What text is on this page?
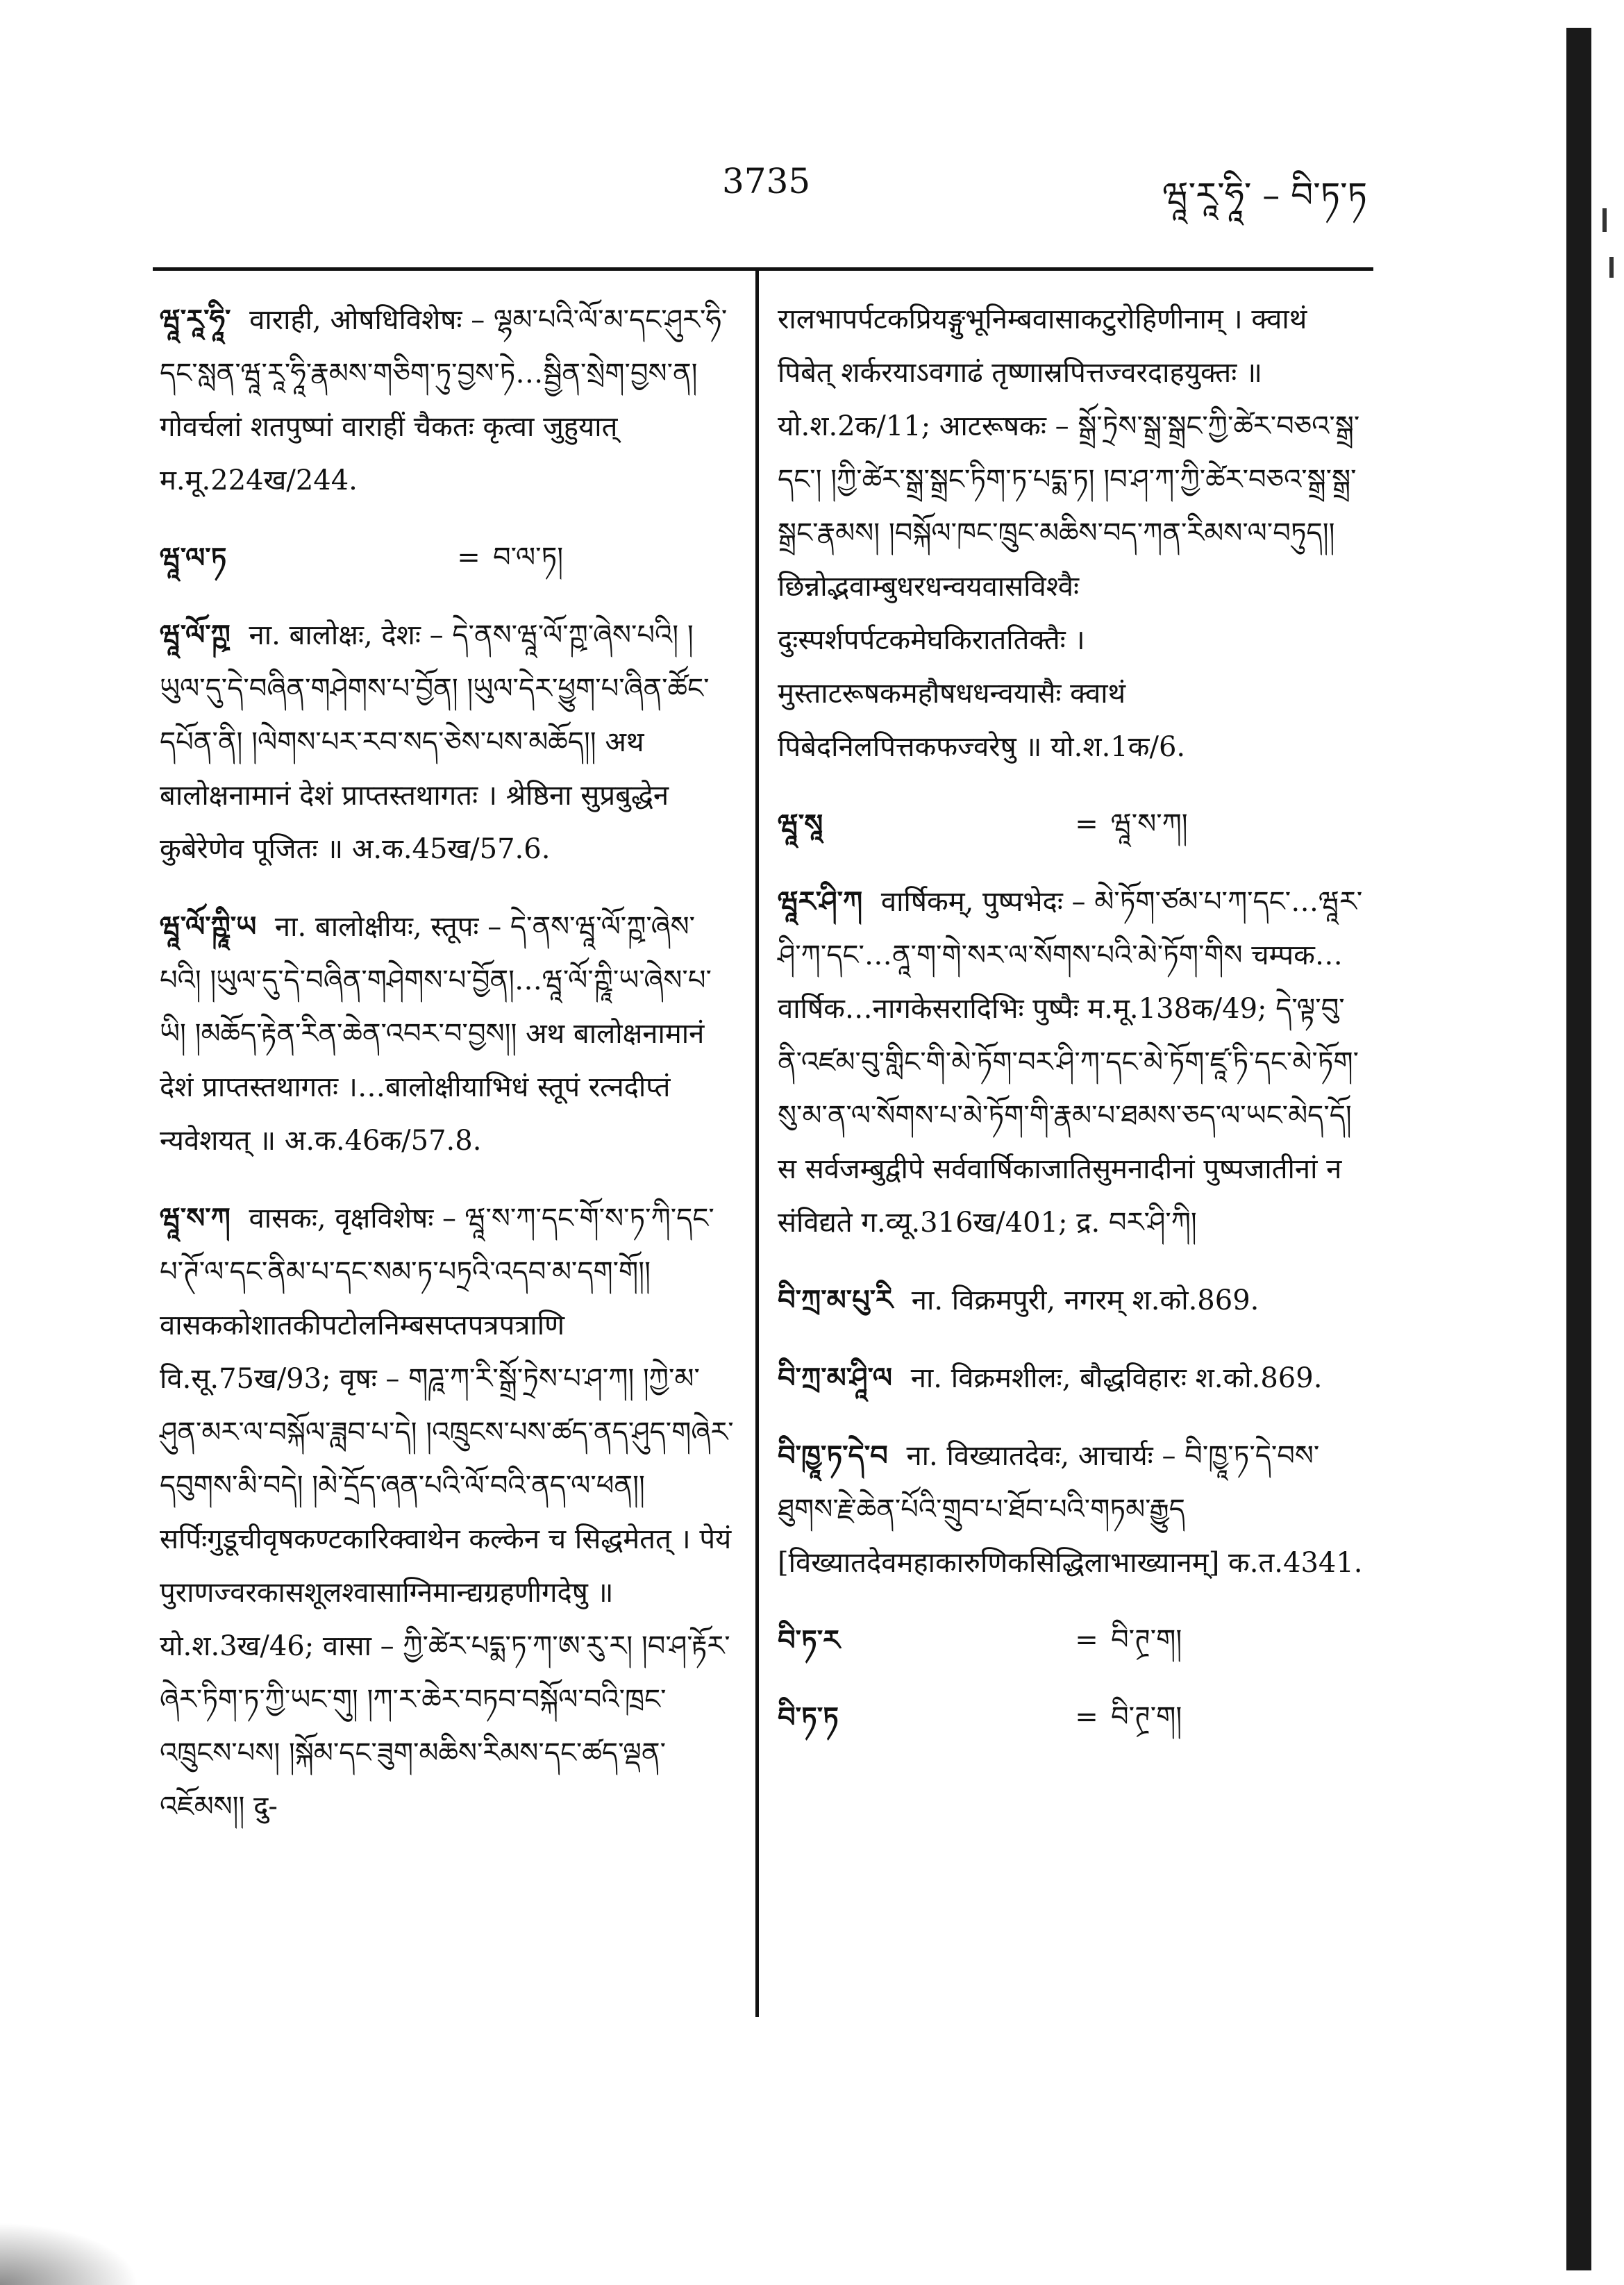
3735	ཝཱ་རཱ་ཧཱི་ – བི་ཏ་ཏ
ཝཱ་རཱ་ཧཱི་ वाराही, ओषधिविशेषः – ལྷམ་པའི་ལོ་མ་དང་ཤུར་ཧི་དང་སླན་ཝཱ་རཱ་ཧཱི་རྣམས་གཅིག་ཏུ་བྱས་ཏེ…སྦྱིན་སྲེག་བྱས་ན། गोवर्चलां शतपुष्पां वाराहीं चैकतः कृत्वा जुहुयात् म.मू.224ख/244.
ཝཱ་ལ་ཏ	= བ་ལ་ཏ།
ཝཱ་ལོ་ཀྵ ना. बालोक्षः, देशः – དེ་ནས་ཝཱ་ལོ་ཀྵ་ཞེས་པའི། །ཡུལ་དུ་དེ་བཞིན་གཤེགས་པ་བྱོན། །ཡུལ་དེར་ཕྱུག་པ་ཞིན་ཚོང་དཔོན་ནི། །ལེགས་པར་རབ་སད་ཅེས་པས་མཆོད།། अथ बालोक्षनामानं देशं प्राप्तस्तथागतः । श्रेष्ठिना सुप्रबुद्धेन कुबेरेणेव पूजितः ॥ अ.क.45ख/57.6.
ཝཱ་ལོ་ཀྵཱི་ཡ ना. बालोक्षीयः, स्तूपः – དེ་ནས་ཝཱ་ལོ་ཀྵ་ཞེས་པའི། །ཡུལ་དུ་དེ་བཞིན་གཤེགས་པ་བྱོན།…ཝཱ་ལོ་ཀྵཱི་ཡ་ཞེས་པ་ཡི། །མཆོད་རྟེན་རིན་ཆེན་འབར་བ་བྱས།། अथ बालोक्षनामानं देशं प्राप्तस्तथागतः ।…बालोक्षीयाभिधं स्तूपं रत्नदीप्तं न्यवेशयत् ॥ अ.क.46क/57.8.
ཝཱ་ས་ཀ वासकः, वृक्षविशेषः – ཝཱ་ས་ཀ་དང་གོ་ས་ཏ་ཀི་དང་པ་ཊོ་ལ་དང་ནིམ་པ་དང་སམ་ཏ་པཏྲའི་འདབ་མ་དག་གོ།། वासककोशातकीपटोलनिम्बसप्तपत्रपत्राणि वि.सू.75ख/93; वृषः – གཌཱ་ཀ་རི་སྒྲོ་ཏྲེས་པ་ཤ་ཀ། །ཀྱེ་མ་ཤུན་མར་ལ་བསྐོལ་ཟླབ་པ་དེ། །འཁྲུངས་པས་ཚད་ནད་ཤུད་གཞེར་དབུགས་མི་བདེ། །མེ་དྲོད་ཞན་པའི་ལོ་བའི་ནད་ལ་ཕན།། सर्पिःगुडूचीवृषकण्टकारिक्वाथेन कल्केन च सिद्धमेतत् । पेयं पुराणज्वरकासशूलश्वासाग्निमान्द्यग्रहणीगदेषु ॥ यो.श.3ख/46; वासा – ཀྱི་ཚེར་པདྨ་ཏ་ཀ་ཨ་རུ་ར། །བ་ཤ་རྟོར་ཞེར་ཏིག་ཏ་ཀྱི་ཡང་གུ། །ཀ་ར་ཆེར་བཏབ་བསྐོལ་བའི་ཁྲང་འཁྲུངས་པས། །སྐོམ་དང་ཟུག་མཆིས་རིམས་དང་ཚད་ལྡན་འཇོམས།། दु-
रालभापर्पटकप्रियङ्गुभूनिम्बवासाकटुरोहिणीनाम् । क्वाथं पिबेत् शर्करयाऽवगाढं तृष्णास्रपित्तज्वरदाहयुक्तः ॥ यो.श.2क/11; आटरूषकः – སྒྲོ་ཏྲེས་སྒྲ་སྒྲང་ཀྱི་ཚེར་བཅའ་སྒྲ་དང་། །ཀྱི་ཚེར་སྒྲ་སྒྲང་ཏིག་ཏ་པདྨ་ཏ། །བ་ཤ་ཀ་ཀྱི་ཚེར་བཅའ་སྒྲ་སྒྲ་སྒྲང་རྣམས། །བསྐོལ་ཁང་ཁྲུང་མཆིས་བད་ཀན་རིམས་ལ་བཏུད།། छिन्नोद्भवाम्बुधरधन्वयवासविश्वैः दुःस्पर्शपर्पटकमेघकिराततिक्तैः । मुस्ताटरूषकमहौषधधन्वयासैः क्वाथं पिबेदनिलपित्तकफज्वरेषु ॥ यो.श.1क/6.
ཝཱ་སཱ	= ཝཱ་ས་ཀ།
ཝཱར་ཤི་ཀ वार्षिकम्, पुष्पभेदः – མེ་ཏོག་ཙམ་པ་ཀ་དང་…ཝཱར་ཤི་ཀ་དང་…ནཱ་ག་གེ་སར་ལ་སོགས་པའི་མེ་ཏོག་གིས चम्पक…वार्षिक…नागकेसरादिभिः पुष्पैः म.मू.138क/49; དེ་ལྟ་བུ་ནི་འཛམ་བུ་གླིང་གི་མེ་ཏོག་བར་ཤི་ཀ་དང་མེ་ཏོག་ཛཱ་ཏི་དང་མེ་ཏོག་སུ་མ་ན་ལ་སོགས་པ་མེ་ཏོག་གི་རྣམ་པ་ཐམས་ཅད་ལ་ཡང་མེད་དོ། स सर्वजम्बुद्वीपे सर्ववार्षिकाजातिसुमनादीनां पुष्पजातीनां न संविद्यते ग.व्यू.316ख/401; द्र. བར་ཤི་ཀི།
བི་ཀྲ་མ་པུ་རི ना. विक्रमपुरी, नगरम् श.को.869.
བི་ཀྲ་མ་ཤཱི་ལ ना. विक्रमशीलः, बौद्धविहारः श.को.869.
བི་ཁྱཱ་ཏ་དེ་བ ना. विख्यातदेवः, आचार्यः – བི་ཁྱཱ་ཏ་དེ་བས་ཐུགས་རྗེ་ཆེན་པོའི་གྲུབ་པ་ཐོབ་པའི་གཏམ་རྒྱུད [विख्यातदेवमहाकारुणिकसिद्धिलाभाख्यानम्] क.त.4341.
བི་ཏ་ར	= བི་ཊྲ་ག།
བི་ཏ་ཏ	= བི་ཊྲ་ག།
